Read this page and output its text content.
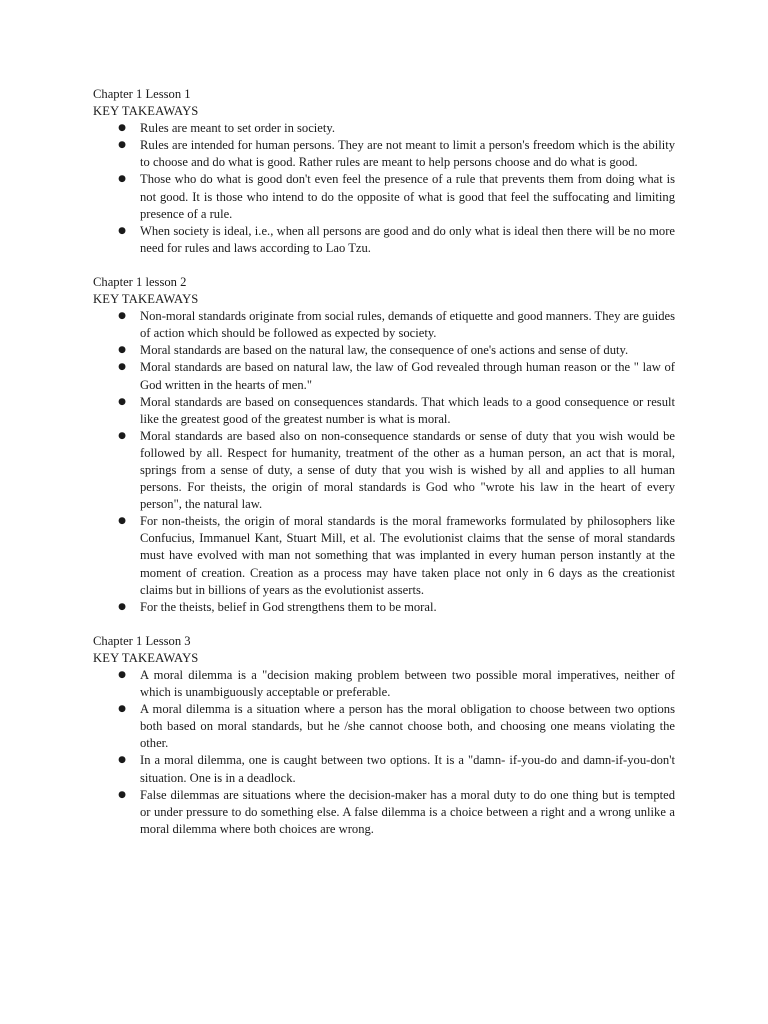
Chapter 1 Lesson 1

KEY TAKEAWAYS

● Rules are meant to set order in society.
● Rules are intended for human persons. They are not meant to limit a person's freedom which is the ability to choose and do what is good. Rather rules are meant to help persons choose and do what is good.
● Those who do what is good don't even feel the presence of a rule that prevents them from doing what is not good. It is those who intend to do the opposite of what is good that feel the suffocating and limiting presence of a rule.
● When society is ideal, i.e., when all persons are good and do only what is ideal then there will be no more need for rules and laws according to Lao Tzu.

Chapter 1 lesson 2

KEY TAKEAWAYS

● Non-moral standards originate from social rules, demands of etiquette and good manners. They are guides of action which should be followed as expected by society.
● Moral standards are based on the natural law, the consequence of one's actions and sense of duty.
● Moral standards are based on natural law, the law of God revealed through human reason or the " law of God written in the hearts of men."
● Moral standards are based on consequences standards. That which leads to a good consequence or result like the greatest good of the greatest number is what is moral.
● Moral standards are based also on non-consequence standards or sense of duty that you wish would be followed by all. Respect for humanity, treatment of the other as a human person, an act that is moral, springs from a sense of duty, a sense of duty that you wish is wished by all and applies to all human persons. For theists, the origin of moral standards is God who "wrote his law in the heart of every person", the natural law.
● For non-theists, the origin of moral standards is the moral frameworks formulated by philosophers like Confucius, Immanuel Kant, Stuart Mill, et al. The evolutionist claims that the sense of moral standards must have evolved with man not something that was implanted in every human person instantly at the moment of creation. Creation as a process may have taken place not only in 6 days as the creationist claims but in billions of years as the evolutionist asserts.
● For the theists, belief in God strengthens them to be moral.

Chapter 1 Lesson 3

KEY TAKEAWAYS

● A moral dilemma is a "decision making problem between two possible moral imperatives, neither of which is unambiguously acceptable or preferable.
● A moral dilemma is a situation where a person has the moral obligation to choose between two options both based on moral standards, but he /she cannot choose both, and choosing one means violating the other.
● In a moral dilemma, one is caught between two options. It is a "damn- if-you-do and damn-if-you-don't situation. One is in a deadlock.
● False dilemmas are situations where the decision-maker has a moral duty to do one thing but is tempted or under pressure to do something else. A false dilemma is a choice between a right and a wrong unlike a moral dilemma where both choices are wrong.
